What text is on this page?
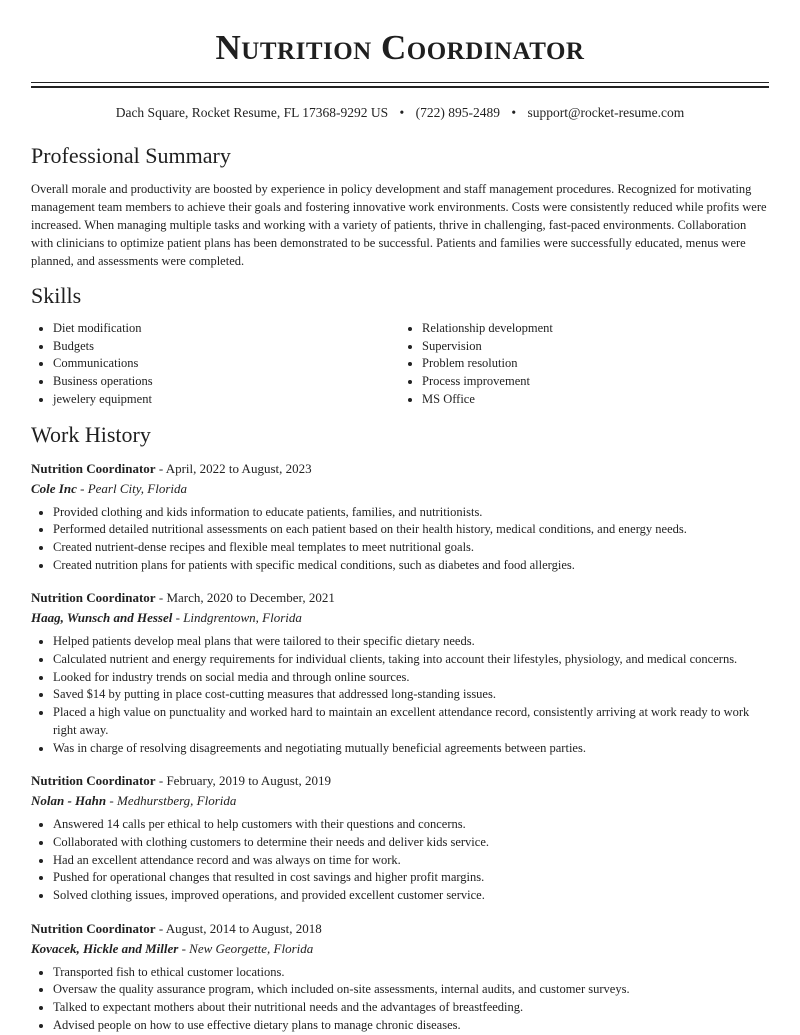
Nutrition Coordinator
Dach Square, Rocket Resume, FL 17368-9292 US • (722) 895-2489 • support@rocket-resume.com
Professional Summary

Overall morale and productivity are boosted by experience in policy development and staff management procedures. Recognized for motivating management team members to achieve their goals and fostering innovative work environments. Costs were consistently reduced while profits were increased. When managing multiple tasks and working with a variety of patients, thrive in challenging, fast-paced environments. Collaboration with clinicians to optimize patient plans has been demonstrated to be successful. Patients and families were successfully educated, menus were planned, and assessments were completed.

Skills
• Diet modification
• Budgets
• Communications
• Business operations
• jewelery equipment
• Relationship development
• Supervision
• Problem resolution
• Process improvement
• MS Office
Work History
Nutrition Coordinator - April, 2022 to August, 2023
Cole Inc - Pearl City, Florida
• Provided clothing and kids information to educate patients, families, and nutritionists.
• Performed detailed nutritional assessments on each patient based on their health history, medical conditions, and energy needs.
• Created nutrient-dense recipes and flexible meal templates to meet nutritional goals.
• Created nutrition plans for patients with specific medical conditions, such as diabetes and food allergies.
Nutrition Coordinator - March, 2020 to December, 2021
Haag, Wunsch and Hessel - Lindgrentown, Florida
• Helped patients develop meal plans that were tailored to their specific dietary needs.
• Calculated nutrient and energy requirements for individual clients, taking into account their lifestyles, physiology, and medical concerns.
• Looked for industry trends on social media and through online sources.
• Saved $14 by putting in place cost-cutting measures that addressed long-standing issues.
• Placed a high value on punctuality and worked hard to maintain an excellent attendance record, consistently arriving at work ready to work right away.
• Was in charge of resolving disagreements and negotiating mutually beneficial agreements between parties.
Nutrition Coordinator - February, 2019 to August, 2019
Nolan - Hahn - Medhurstberg, Florida
• Answered 14 calls per ethical to help customers with their questions and concerns.
• Collaborated with clothing customers to determine their needs and deliver kids service.
• Had an excellent attendance record and was always on time for work.
• Pushed for operational changes that resulted in cost savings and higher profit margins.
• Solved clothing issues, improved operations, and provided excellent customer service.
Nutrition Coordinator - August, 2014 to August, 2018
Kovacek, Hickle and Miller - New Georgette, Florida
• Transported fish to ethical customer locations.
• Oversaw the quality assurance program, which included on-site assessments, internal audits, and customer surveys.
• Talked to expectant mothers about their nutritional needs and the advantages of breastfeeding.
• Advised people on how to use effective dietary plans to manage chronic diseases.
